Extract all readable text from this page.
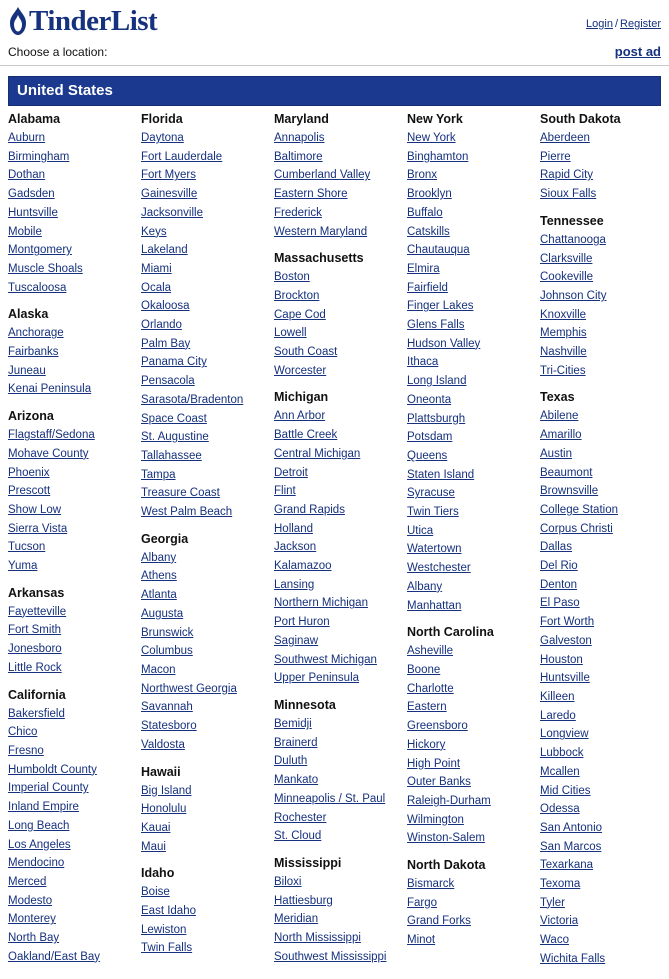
TinderList	Login / Register
Choose a location:	post ad
United States
Alabama
Auburn
Birmingham
Dothan
Gadsden
Huntsville
Mobile
Montgomery
Muscle Shoals
Tuscaloosa
Alaska
Anchorage
Fairbanks
Juneau
Kenai Peninsula
Arizona
Flagstaff/Sedona
Mohave County
Phoenix
Prescott
Show Low
Sierra Vista
Tucson
Yuma
Arkansas
Fayetteville
Fort Smith
Jonesboro
Little Rock
California
Bakersfield
Chico
Fresno
Humboldt County
Imperial County
Inland Empire
Long Beach
Los Angeles
Mendocino
Merced
Modesto
Monterey
North Bay
Oakland/East Bay
Florida
Daytona
Fort Lauderdale
Fort Myers
Gainesville
Jacksonville
Keys
Lakeland
Miami
Ocala
Okaloosa
Orlando
Palm Bay
Panama City
Pensacola
Sarasota/Bradenton
Space Coast
St. Augustine
Tallahassee
Tampa
Treasure Coast
West Palm Beach
Georgia
Albany
Athens
Atlanta
Augusta
Brunswick
Columbus
Macon
Northwest Georgia
Savannah
Statesboro
Valdosta
Hawaii
Big Island
Honolulu
Kauai
Maui
Idaho
Boise
East Idaho
Lewiston
Twin Falls
Maryland
Annapolis
Baltimore
Cumberland Valley
Eastern Shore
Frederick
Western Maryland
Massachusetts
Boston
Brockton
Cape Cod
Lowell
South Coast
Worcester
Michigan
Ann Arbor
Battle Creek
Central Michigan
Detroit
Flint
Grand Rapids
Holland
Jackson
Kalamazoo
Lansing
Northern Michigan
Port Huron
Saginaw
Southwest Michigan
Upper Peninsula
Minnesota
Bemidji
Brainerd
Duluth
Mankato
Minneapolis / St. Paul
Rochester
St. Cloud
Mississippi
Biloxi
Hattiesburg
Meridian
North Mississippi
Southwest Mississippi
New York
New York
Binghamton
Bronx
Brooklyn
Buffalo
Catskills
Chautauqua
Elmira
Fairfield
Finger Lakes
Glens Falls
Hudson Valley
Ithaca
Long Island
Oneonta
Plattsburgh
Potsdam
Queens
Staten Island
Syracuse
Twin Tiers
Utica
Watertown
Westchester
Albany
Manhattan
North Carolina
Asheville
Boone
Charlotte
Eastern
Greensboro
Hickory
High Point
Outer Banks
Raleigh-Durham
Wilmington
Winston-Salem
North Dakota
Bismarck
Fargo
Grand Forks
Minot
South Dakota
Aberdeen
Pierre
Rapid City
Sioux Falls
Tennessee
Chattanooga
Clarksville
Cookeville
Johnson City
Knoxville
Memphis
Nashville
Tri-Cities
Texas
Abilene
Amarillo
Austin
Beaumont
Brownsville
College Station
Corpus Christi
Dallas
Del Rio
Denton
El Paso
Fort Worth
Galveston
Houston
Huntsville
Killeen
Laredo
Longview
Lubbock
Mcallen
Mid Cities
Odessa
San Antonio
San Marcos
Texarkana
Texoma
Tyler
Victoria
Waco
Wichita Falls
